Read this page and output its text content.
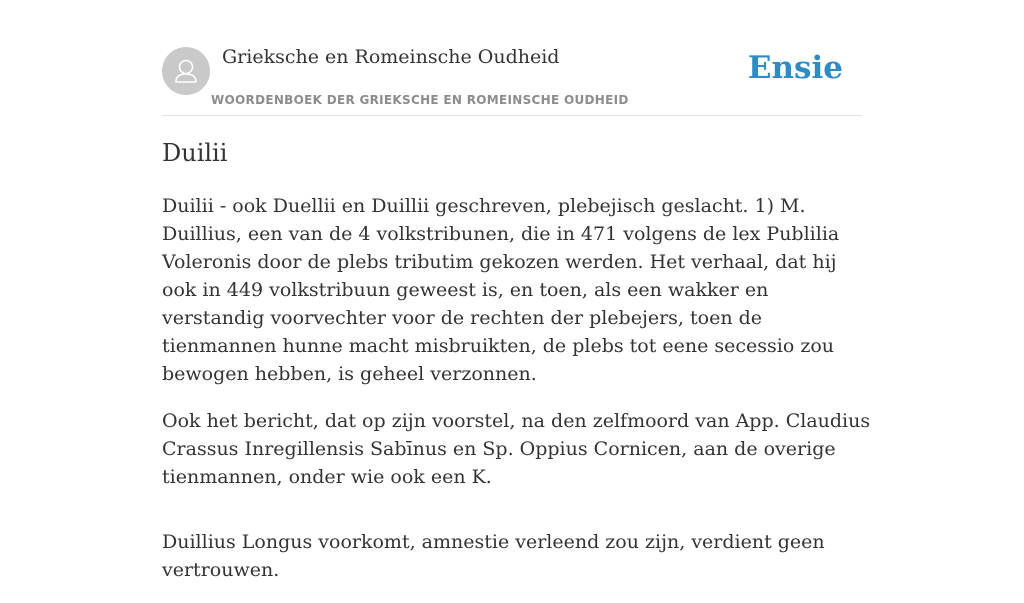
Grieksche en Romeinsche Oudheid
WOORDENBOEK DER GRIEKSCHE EN ROMEINSCHE OUDHEID
Ensie
Duilii

Duilii - ook Duellii en Duillii geschreven, plebejisch geslacht. 1) M. Duillius, een van de 4 volkstribunen, die in 471 volgens de lex Publilia Voleronis door de plebs tributim gekozen werden. Het verhaal, dat hij ook in 449 volkstribuun geweest is, en toen, als een wakker en verstandig voorvechter voor de rechten der plebejers, toen de tienmannen hunne macht misbruikten, de plebs tot eene secessio zou bewogen hebben, is geheel verzonnen.

Ook het bericht, dat op zijn voorstel, na den zelfmoord van App. Claudius Crassus Inregillensis Sabīnus en Sp. Oppius Cornicen, aan de overige tienmannen, onder wie ook een K.

Duillius Longus voorkomt, amnestie verleend zou zijn, verdient geen vertrouwen.
